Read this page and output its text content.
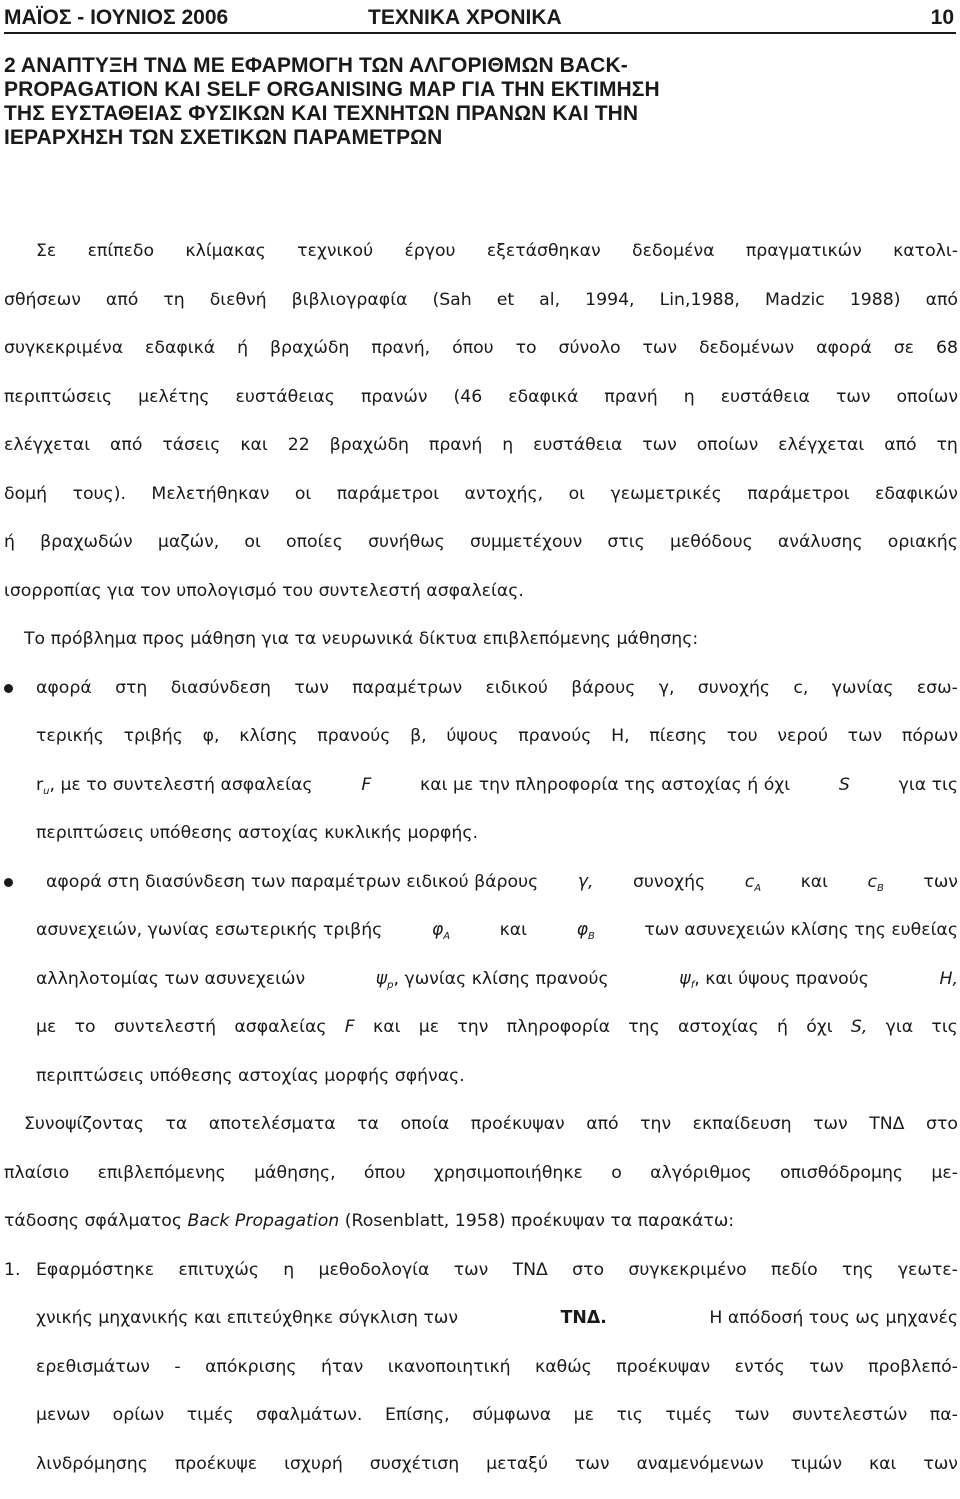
ΜΑΪΟΣ - ΙΟΥΝΙΟΣ 2006	ΤΕΧΝΙΚΑ ΧΡΟΝΙΚΑ	10
2 ΑΝΑΠΤΥΞΗ ΤΝΔ ΜΕ ΕΦΑΡΜΟΓΗ ΤΩΝ ΑΛΓΟΡΙΘΜΩΝ BACK-
PROPAGATION ΚΑΙ SELF ORGANISING MAP ΓΙΑ ΤΗΝ ΕΚΤΙΜΗΣΗ
ΤΗΣ ΕΥΣΤΑΘΕΙΑΣ ΦΥΣΙΚΩΝ ΚΑΙ ΤΕΧΝΗΤΩΝ ΠΡΑΝΩΝ ΚΑΙ ΤΗΝ
ΙΕΡΑΡΧΗΣΗ ΤΩΝ ΣΧΕΤΙΚΩΝ ΠΑΡΑΜΕΤΡΩΝ
Σε επίπεδο κλίμακας τεχνικού έργου εξετάσθηκαν δεδομένα πραγματικών κατολι-
σθήσεων από τη διεθνή βιβλιογραφία (Sah et al, 1994, Lin,1988, Madzic 1988) από
συγκεκριμένα εδαφικά ή βραχώδη πρανή, όπου το σύνολο των δεδομένων αφορά σε 68
περιπτώσεις μελέτης ευστάθειας πρανών (46 εδαφικά πρανή η ευστάθεια των οποίων
ελέγχεται από τάσεις και 22 βραχώδη πρανή η ευστάθεια των οποίων ελέγχεται από τη
δομή τους). Μελετήθηκαν οι παράμετροι αντοχής, οι γεωμετρικές παράμετροι εδαφικών
ή βραχωδών μαζών, οι οποίες συνήθως συμμετέχουν στις μεθόδους ανάλυσης οριακής
ισορροπίας για τον υπολογισμό του συντελεστή ασφαλείας.
Το πρόβλημα προς μάθηση για τα νευρωνικά δίκτυα επιβλεπόμενης μάθησης:
αφορά στη διασύνδεση των παραμέτρων ειδικού βάρους γ, συνοχής c, γωνίας εσω-
τερικής τριβής φ, κλίσης πρανούς β, ύψους πρανούς H, πίεσης του νερού των πόρων
$r_u$, με το συντελεστή ασφαλείας	F	και με την πληροφορία της αστοχίας ή όχι	S	για τις
περιπτώσεις υπόθεσης αστοχίας κυκλικής μορφής.
αφορά στη διασύνδεση των παραμέτρων ειδικού βάρους γ, συνοχής $c_A$ και $c_B$ των
ασυνεχειών, γωνίας εσωτερικής τριβής	$\varphi_A$	και	$\varphi_B$	των ασυνεχειών κλίσης της ευθείας
αλληλοτομίας των ασυνεχειών	$\psi_p$, γωνίας κλίσης πρανούς	$\psi_f$, και ύψους πρανούς	H,
με το συντελεστή ασφαλείας F και με την πληροφορία της αστοχίας ή όχι S, για τις
περιπτώσεις υπόθεσης αστοχίας μορφής σφήνας.
Συνοψίζοντας τα αποτελέσματα τα οποία προέκυψαν από την εκπαίδευση των ΤΝΔ στο
πλαίσιο επιβλεπόμενης μάθησης, όπου χρησιμοποιήθηκε ο αλγόριθμος οπισθόδρομης με-
τάδοσης σφάλματος Back Propagation (Rosenblatt, 1958) προέκυψαν τα παρακάτω:
1. Εφαρμόστηκε επιτυχώς η μεθοδολογία των ΤΝΔ στο συγκεκριμένο πεδίο της γεωτε-
χνικής μηχανικής και επιτεύχθηκε σύγκλιση των	ΤΝΔ.	Η απόδοσή τους ως μηχανές
ερεθισμάτων - απόκρισης ήταν ικανοποιητική καθώς προέκυψαν εντός των προβλεπό-
μενων ορίων τιμές σφαλμάτων. Επίσης, σύμφωνα με τις τιμές των συντελεστών πα-
λινδρόμησης προέκυψε ισχυρή συσχέτιση μεταξύ των αναμενόμενων τιμών και των
